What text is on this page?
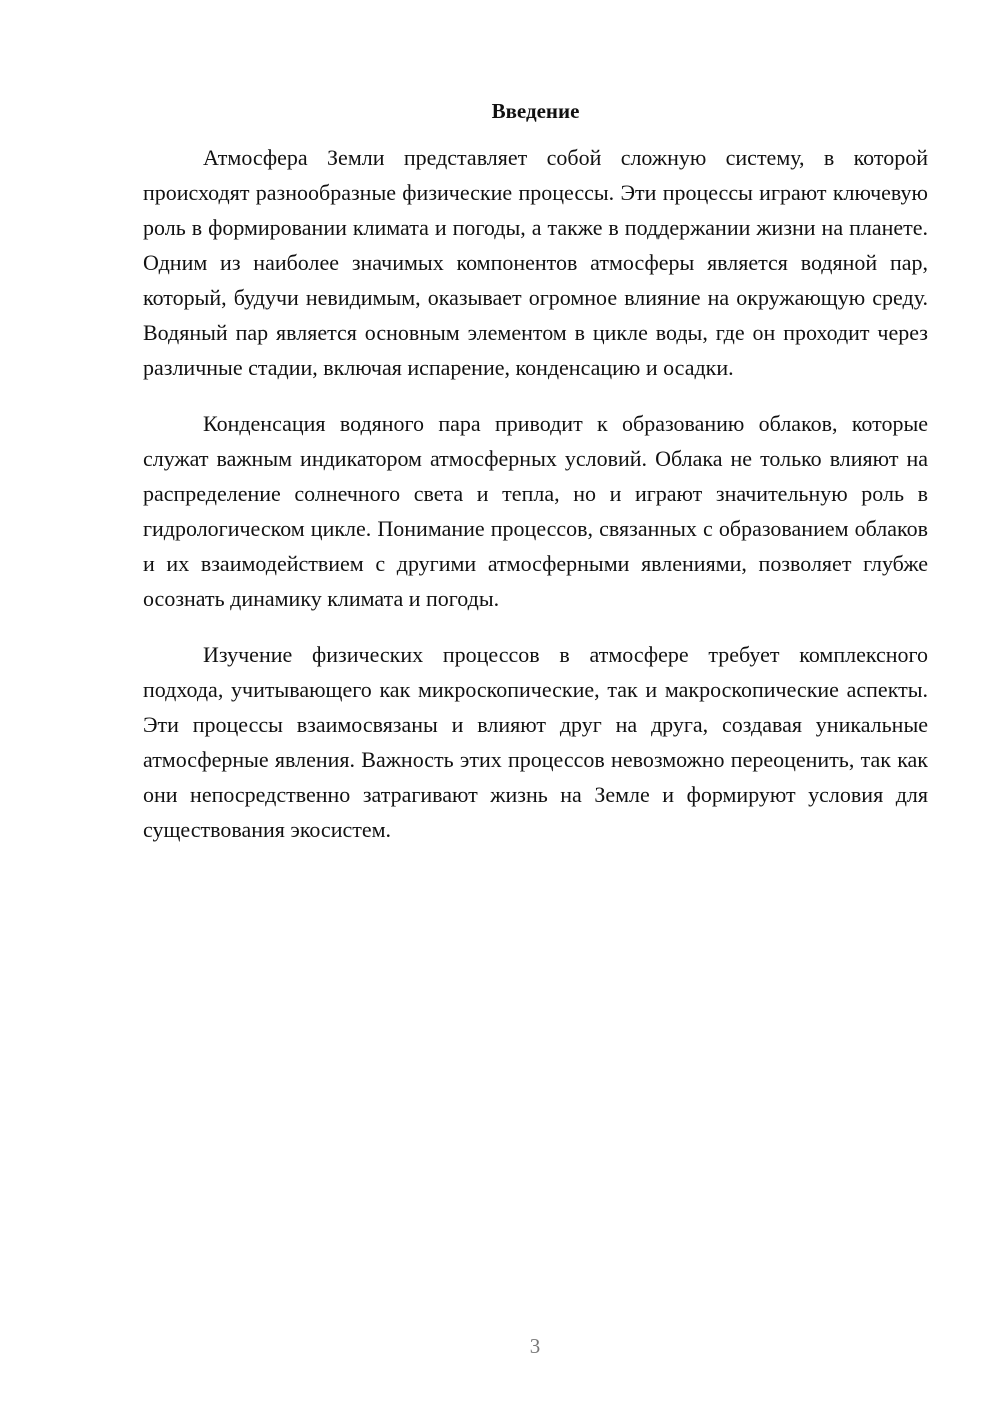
Введение

Атмосфера Земли представляет собой сложную систему, в которой происходят разнообразные физические процессы. Эти процессы играют ключевую роль в формировании климата и погоды, а также в поддержании жизни на планете. Одним из наиболее значимых компонентов атмосферы является водяной пар, который, будучи невидимым, оказывает огромное влияние на окружающую среду. Водяный пар является основным элементом в цикле воды, где он проходит через различные стадии, включая испарение, конденсацию и осадки.

Конденсация водяного пара приводит к образованию облаков, которые служат важным индикатором атмосферных условий. Облака не только влияют на распределение солнечного света и тепла, но и играют значительную роль в гидрологическом цикле. Понимание процессов, связанных с образованием облаков и их взаимодействием с другими атмосферными явлениями, позволяет глубже осознать динамику климата и погоды.

Изучение физических процессов в атмосфере требует комплексного подхода, учитывающего как микроскопические, так и макроскопические аспекты. Эти процессы взаимосвязаны и влияют друг на друга, создавая уникальные атмосферные явления. Важность этих процессов невозможно переоценить, так как они непосредственно затрагивают жизнь на Земле и формируют условия для существования экосистем.

3
